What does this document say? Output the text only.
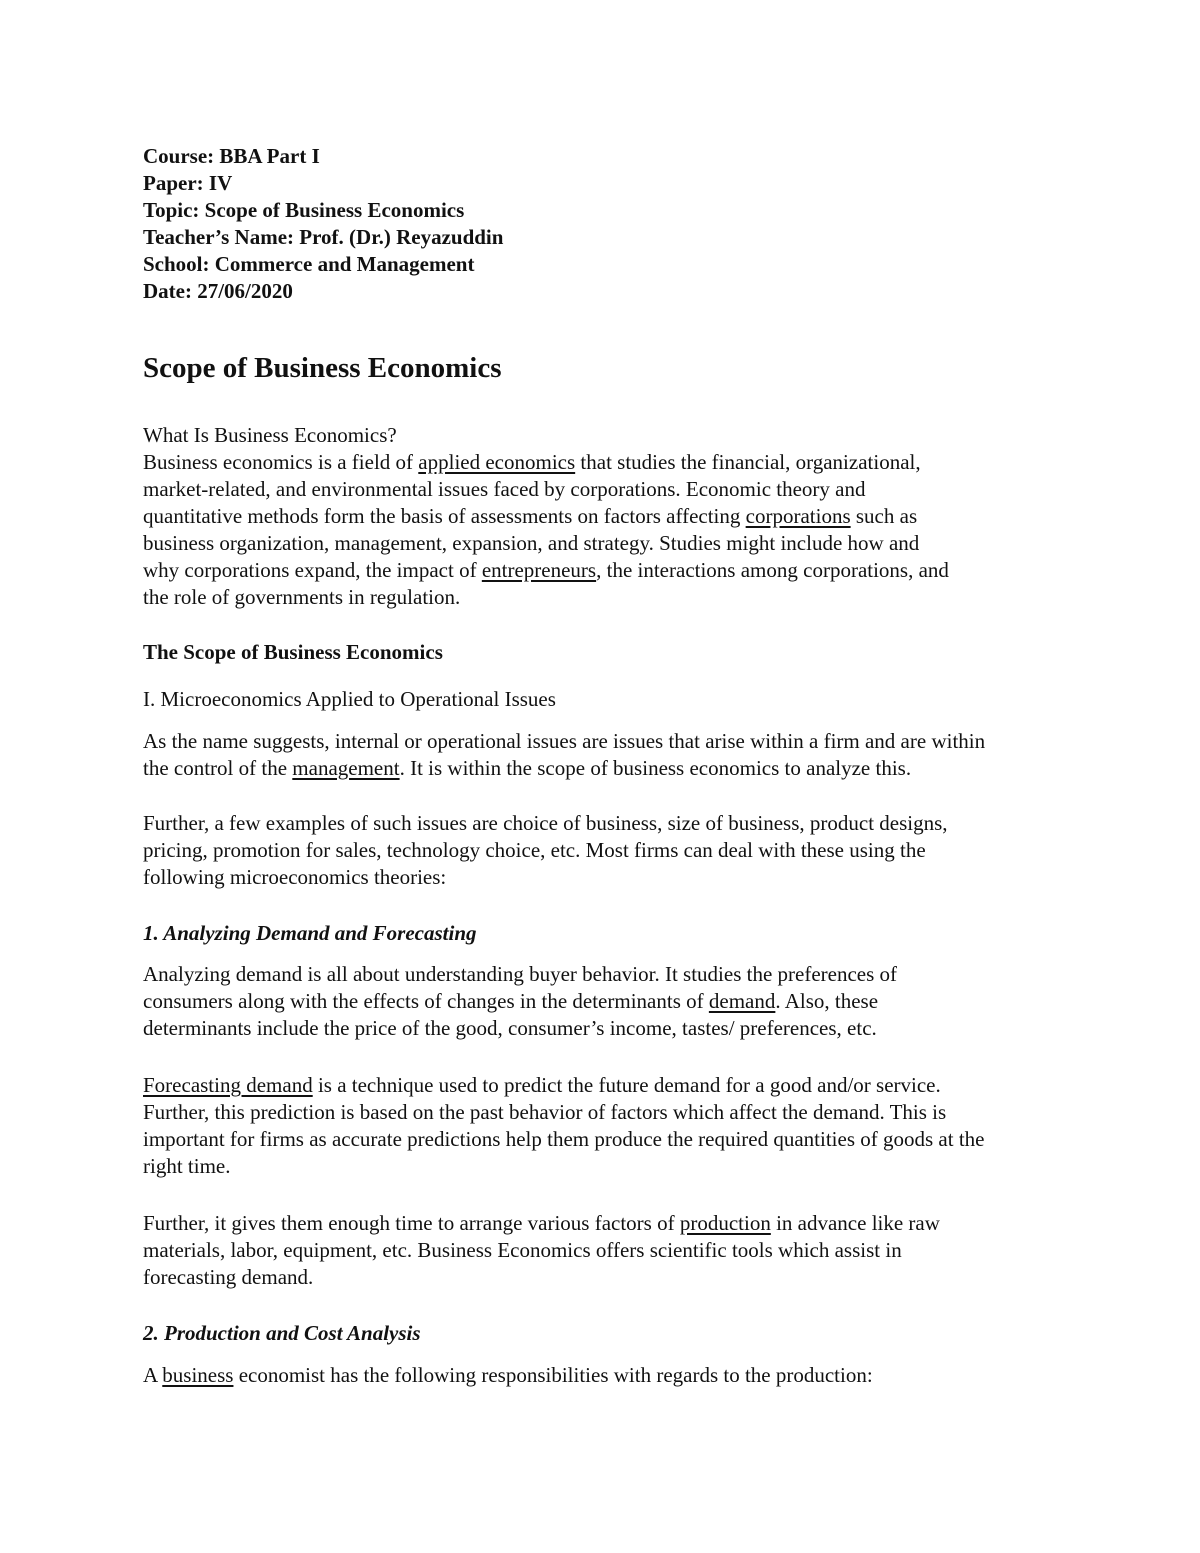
Course: BBA Part I
Paper: IV
Topic: Scope of Business Economics
Teacher’s Name: Prof. (Dr.) Reyazuddin
School: Commerce and Management
Date: 27/06/2020
Scope of Business Economics
What Is Business Economics?
Business economics is a field of applied economics that studies the financial, organizational,
market-related, and environmental issues faced by corporations. Economic theory and
quantitative methods form the basis of assessments on factors affecting corporations such as
business organization, management, expansion, and strategy. Studies might include how and
why corporations expand, the impact of entrepreneurs, the interactions among corporations, and
the role of governments in regulation.
The Scope of Business Economics
I. Microeconomics Applied to Operational Issues
As the name suggests, internal or operational issues are issues that arise within a firm and are within
the control of the management. It is within the scope of business economics to analyze this.
Further, a few examples of such issues are choice of business, size of business, product designs,
pricing, promotion for sales, technology choice, etc. Most firms can deal with these using the
following microeconomics theories:
1. Analyzing Demand and Forecasting
Analyzing demand is all about understanding buyer behavior. It studies the preferences of
consumers along with the effects of changes in the determinants of demand. Also, these
determinants include the price of the good, consumer’s income, tastes/ preferences, etc.
Forecasting demand is a technique used to predict the future demand for a good and/or service.
Further, this prediction is based on the past behavior of factors which affect the demand. This is
important for firms as accurate predictions help them produce the required quantities of goods at the
right time.
Further, it gives them enough time to arrange various factors of production in advance like raw
materials, labor, equipment, etc. Business Economics offers scientific tools which assist in
forecasting demand.
2. Production and Cost Analysis
A business economist has the following responsibilities with regards to the production:
